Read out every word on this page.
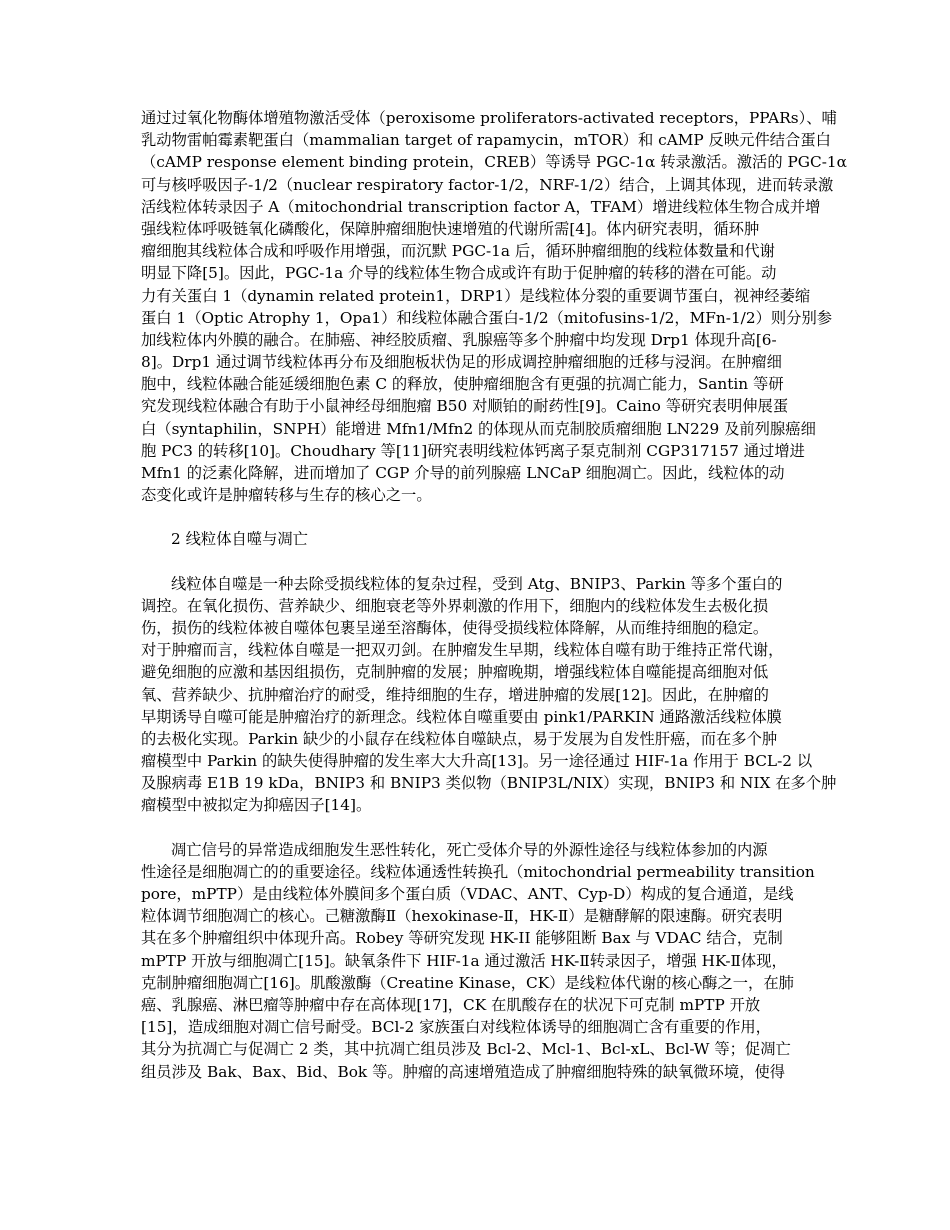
通过过氧化物酶体增殖物激活受体（peroxisome proliferators-activated receptors，PPARs）、哺
乳动物雷帕霉素靶蛋白（mammalian target of rapamycin，mTOR）和 cAMP 反映元件结合蛋白
（cAMP response element binding protein，CREB）等诱导 PGC-1α 转录激活。激活的 PGC-1α
可与核呼吸因子-1/2（nuclear respiratory factor-1/2，NRF-1/2）结合，上调其体现，进而转录激
活线粒体转录因子 A（mitochondrial transcription factor A，TFAM）增进线粒体生物合成并增
强线粒体呼吸链氧化磷酸化，保障肿瘤细胞快速增殖的代谢所需[4]。体内研究表明，循环肿
瘤细胞其线粒体合成和呼吸作用增强，而沉默 PGC-1a 后，循环肿瘤细胞的线粒体数量和代谢
明显下降[5]。因此，PGC-1a 介导的线粒体生物合成或许有助于促肿瘤的转移的潜在可能。动
力有关蛋白 1（dynamin related protein1，DRP1）是线粒体分裂的重要调节蛋白，视神经萎缩
蛋白 1（Optic Atrophy 1，Opa1）和线粒体融合蛋白-1/2（mitofusins-1/2，MFn-1/2）则分别参
加线粒体内外膜的融合。在肺癌、神经胶质瘤、乳腺癌等多个肿瘤中均发现 Drp1 体现升高[6-
8]。Drp1 通过调节线粒体再分布及细胞板状伪足的形成调控肿瘤细胞的迁移与浸润。在肿瘤细
胞中，线粒体融合能延缓细胞色素 C 的释放，使肿瘤细胞含有更强的抗凋亡能力，Santin 等研
究发现线粒体融合有助于小鼠神经母细胞瘤 B50 对顺铂的耐药性[9]。Caino 等研究表明伸展蛋
白（syntaphilin，SNPH）能增进 Mfn1/Mfn2 的体现从而克制胶质瘤细胞 LN229 及前列腺癌细
胞 PC3 的转移[10]。Choudhary 等[11]研究表明线粒体钙离子泵克制剂 CGP317157 通过增进
Mfn1 的泛素化降解，进而增加了 CGP 介导的前列腺癌 LNCaP 细胞凋亡。因此，线粒体的动
态变化或许是肿瘤转移与生存的核心之一。
2 线粒体自噬与凋亡
线粒体自噬是一种去除受损线粒体的复杂过程，受到 Atg、BNIP3、Parkin 等多个蛋白的
调控。在氧化损伤、营养缺少、细胞衰老等外界刺激的作用下，细胞内的线粒体发生去极化损
伤，损伤的线粒体被自噬体包裹呈递至溶酶体，使得受损线粒体降解，从而维持细胞的稳定。
对于肿瘤而言，线粒体自噬是一把双刃剑。在肿瘤发生早期，线粒体自噬有助于维持正常代谢，
避免细胞的应激和基因组损伤，克制肿瘤的发展；肿瘤晚期，增强线粒体自噬能提高细胞对低
氧、营养缺少、抗肿瘤治疗的耐受，维持细胞的生存，增进肿瘤的发展[12]。因此，在肿瘤的
早期诱导自噬可能是肿瘤治疗的新理念。线粒体自噬重要由 pink1/PARKIN 通路激活线粒体膜
的去极化实现。Parkin 缺少的小鼠存在线粒体自噬缺点，易于发展为自发性肝癌，而在多个肿
瘤模型中 Parkin 的缺失使得肿瘤的发生率大大升高[13]。另一途径通过 HIF-1a 作用于 BCL-2 以
及腺病毒 E1B 19 kDa，BNIP3 和 BNIP3 类似物（BNIP3L/NIX）实现，BNIP3 和 NIX 在多个肿
瘤模型中被拟定为抑癌因子[14]。
凋亡信号的异常造成细胞发生恶性转化，死亡受体介导的外源性途径与线粒体参加的内源
性途径是细胞凋亡的的重要途径。线粒体通透性转换孔（mitochondrial permeability transition
pore，mPTP）是由线粒体外膜间多个蛋白质（VDAC、ANT、Cyp-D）构成的复合通道，是线
粒体调节细胞凋亡的核心。己糖激酶Ⅱ（hexokinase-Ⅱ，HK-Ⅱ）是糖酵解的限速酶。研究表明
其在多个肿瘤组织中体现升高。Robey 等研究发现 HK-II 能够阻断 Bax 与 VDAC 结合，克制
mPTP 开放与细胞凋亡[15]。缺氧条件下 HIF-1a 通过激活 HK-Ⅱ转录因子，增强 HK-Ⅱ体现，
克制肿瘤细胞凋亡[16]。肌酸激酶（Creatine Kinase，CK）是线粒体代谢的核心酶之一，在肺
癌、乳腺癌、淋巴瘤等肿瘤中存在高体现[17]，CK 在肌酸存在的状况下可克制 mPTP 开放
[15]，造成细胞对凋亡信号耐受。BCl-2 家族蛋白对线粒体诱导的细胞凋亡含有重要的作用，
其分为抗凋亡与促凋亡 2 类，其中抗凋亡组员涉及 Bcl-2、Mcl-1、Bcl-xL、Bcl-W 等；促凋亡
组员涉及 Bak、Bax、Bid、Bok 等。肿瘤的高速增殖造成了肿瘤细胞特殊的缺氧微环境，使得
